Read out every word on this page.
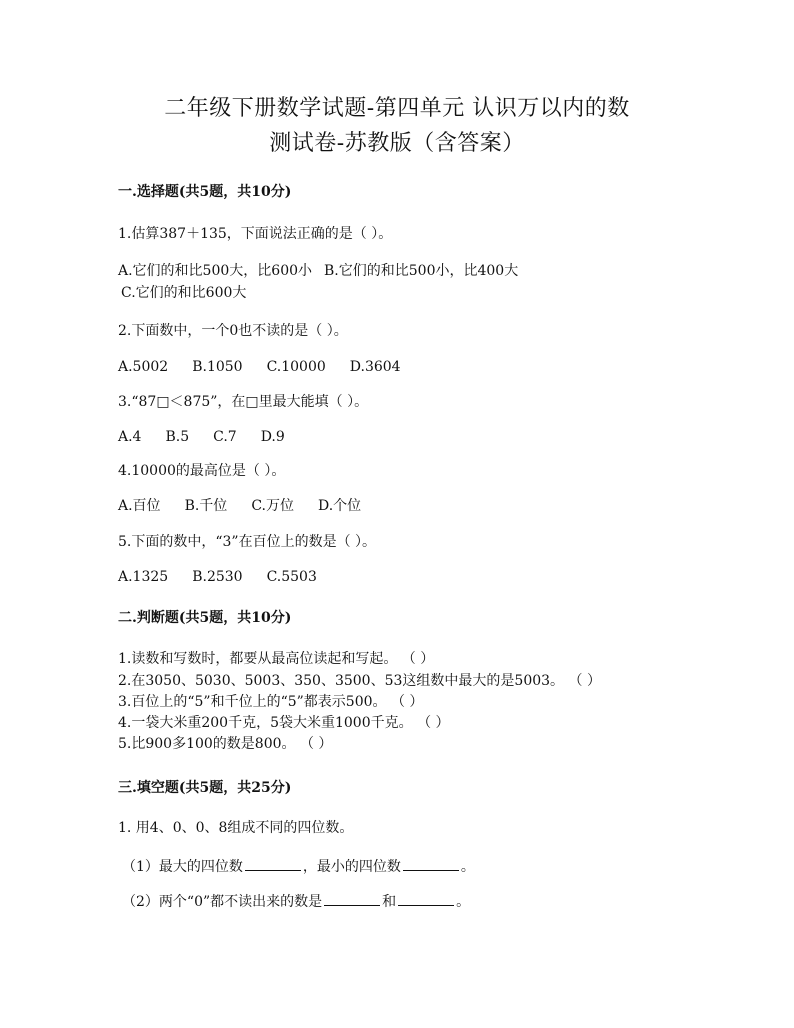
二年级下册数学试题-第四单元 认识万以内的数
测试卷-苏教版（含答案）
一.选择题(共5题，共10分)
1.估算387＋135，下面说法正确的是（ ）。
A.它们的和比500大，比600小 B.它们的和比500小，比400大
C.它们的和比600大
2.下面数中，一个0也不读的是（ ）。
A.5002 B.1050 C.10000 D.3604
3.“87□＜875”，在□里最大能填（ ）。
A.4 B.5 C.7 D.9
4.10000的最高位是（ ）。
A.百位 B.千位 C.万位 D.个位
5.下面的数中，“3”在百位上的数是（ ）。
A.1325 B.2530 C.5503
二.判断题(共5题，共10分)
1.读数和写数时，都要从最高位读起和写起。 （ ）
2.在3050、5030、5003、350、3500、53这组数中最大的是5003。 （ ）
3.百位上的“5”和千位上的“5”都表示500。 （ ）
4.一袋大米重200千克，5袋大米重1000千克。 （ ）
5.比900多100的数是800。 （ ）
三.填空题(共5题，共25分)
1. 用4、0、0、8组成不同的四位数。
（1）最大的四位数	，最小的四位数	。
（2）两个“0”都不读出来的数是	和	。
